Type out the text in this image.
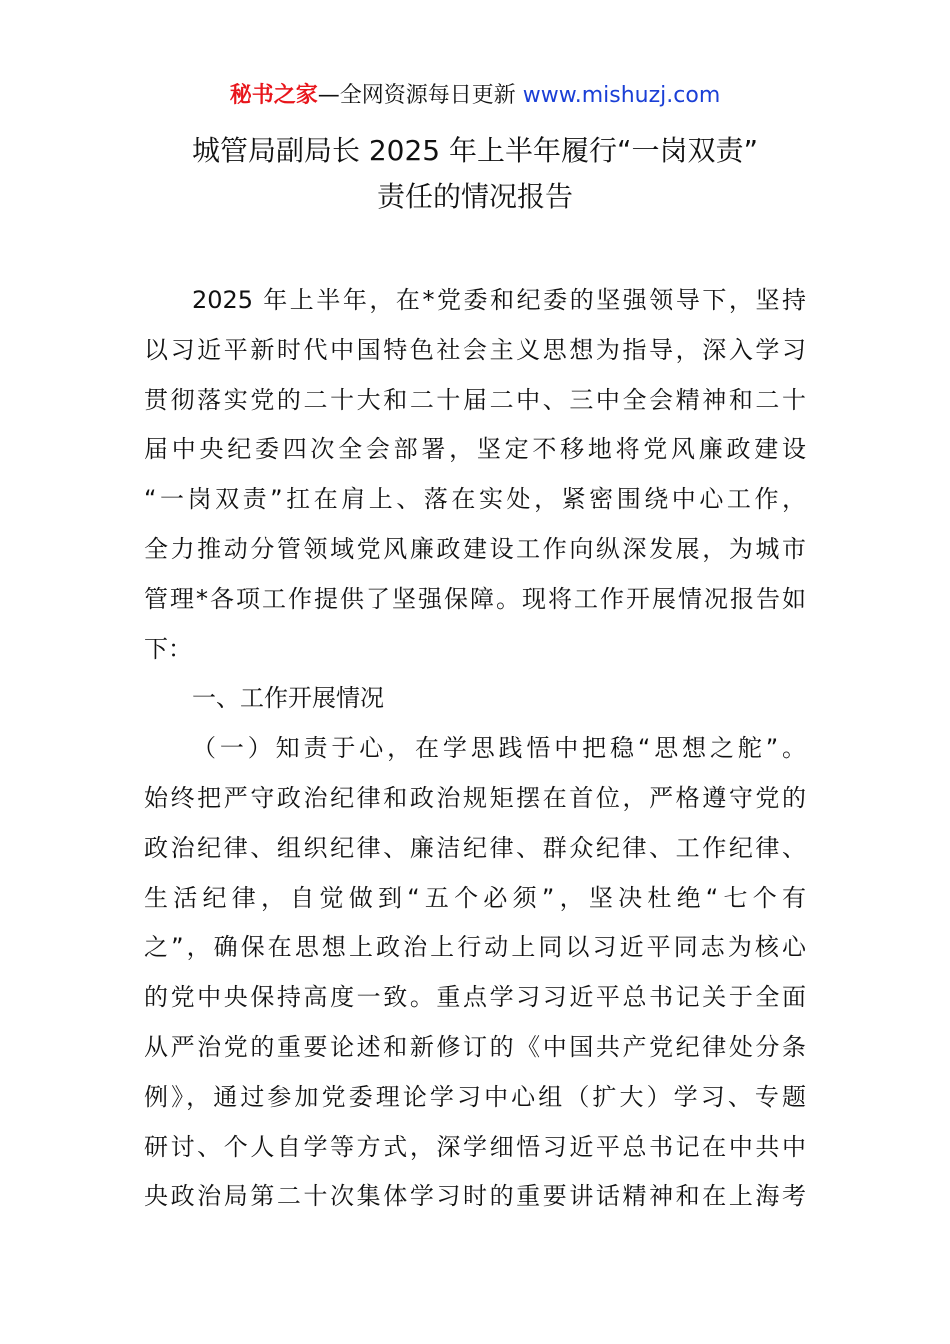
秘书之家—全网资源每日更新 www.mishuzj.com
城管局副局长 2025 年上半年履行“一岗双责”
责任的情况报告
2025 年上半年，在*党委和纪委的坚强领导下，坚持
以习近平新时代中国特色社会主义思想为指导，深入学习
贯彻落实党的二十大和二十届二中、三中全会精神和二十
届中央纪委四次全会部署，坚定不移地将党风廉政建设
“一岗双责”扛在肩上、落在实处，紧密围绕中心工作，
全力推动分管领域党风廉政建设工作向纵深发展，为城市
管理*各项工作提供了坚强保障。现将工作开展情况报告如
下：
一、工作开展情况
（一）知责于心，在学思践悟中把稳“思想之舵”。
始终把严守政治纪律和政治规矩摆在首位，严格遵守党的
政治纪律、组织纪律、廉洁纪律、群众纪律、工作纪律、
生活纪律，自觉做到“五个必须”，坚决杜绝“七个有
之”，确保在思想上政治上行动上同以习近平同志为核心
的党中央保持高度一致。重点学习习近平总书记关于全面
从严治党的重要论述和新修订的《中国共产党纪律处分条
例》，通过参加党委理论学习中心组（扩大）学习、专题
研讨、个人自学等方式，深学细悟习近平总书记在中共中
央政治局第二十次集体学习时的重要讲话精神和在上海考
